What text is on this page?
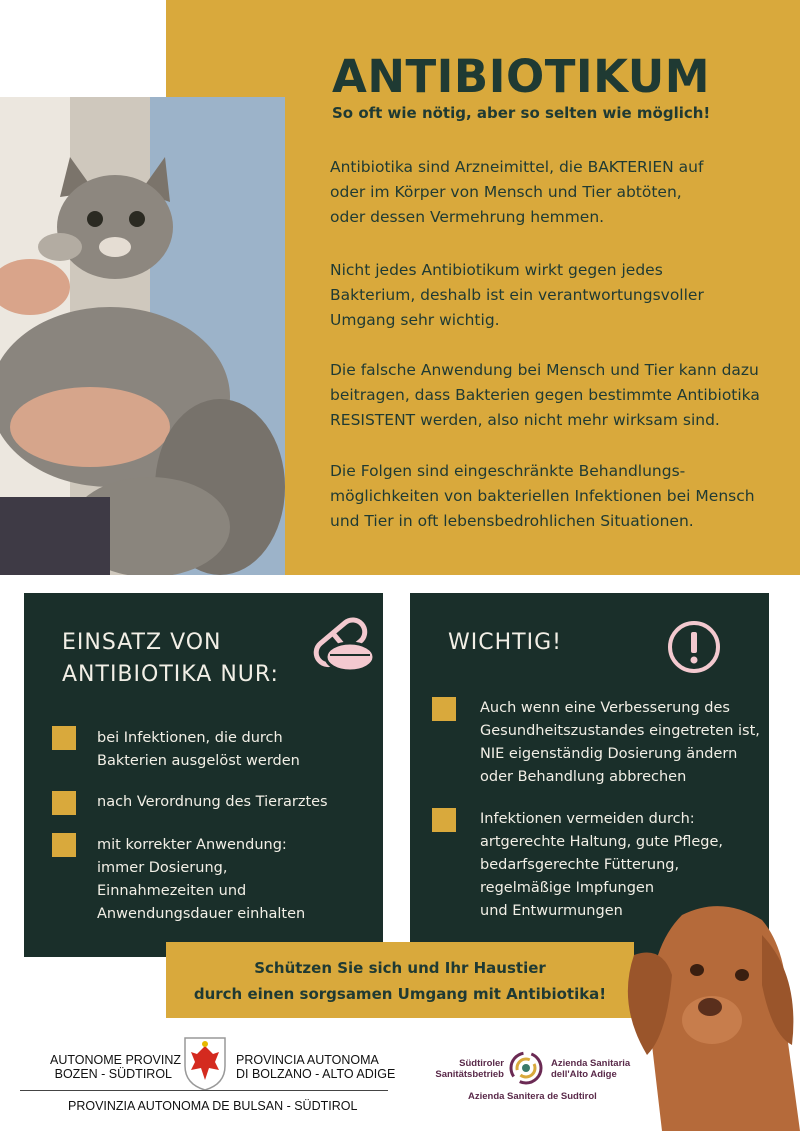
ANTIBIOTIKUM
So oft wie nötig, aber so selten wie möglich!
Antibiotika sind Arzneimittel, die BAKTERIEN auf
oder im Körper von Mensch und Tier abtöten,
oder dessen Vermehrung hemmen.
Nicht jedes Antibiotikum wirkt gegen jedes
Bakterium, deshalb ist ein verantwortungsvoller
Umgang sehr wichtig.
Die falsche Anwendung bei Mensch und Tier kann dazu
beitragen, dass Bakterien gegen bestimmte Antibiotika
RESISTENT werden, also nicht mehr wirksam sind.
Die Folgen sind eingeschränkte Behandlungs-
möglichkeiten von bakteriellen Infektionen bei Mensch
und Tier in oft lebensbedrohlichen Situationen.
EINSATZ VON
ANTIBIOTIKA NUR:
bei Infektionen, die durch
Bakterien ausgelöst werden
nach Verordnung des Tierarztes
mit korrekter Anwendung:
immer Dosierung,
Einnahmezeiten und
Anwendungsdauer einhalten
WICHTIG!
Auch wenn eine Verbesserung des
Gesundheitszustandes eingetreten ist,
NIE eigenständig Dosierung ändern
oder Behandlung abbrechen
Infektionen vermeiden durch:
artgerechte Haltung, gute Pflege,
bedarfsgerechte Fütterung,
regelmäßige Impfungen
und Entwurmungen
Schützen Sie sich und Ihr Haustier
durch einen sorgsamen Umgang mit Antibiotika!
AUTONOME PROVINZ
BOZEN - SÜDTIROL
PROVINCIA AUTONOMA
DI BOLZANO - ALTO ADIGE
PROVINZIA AUTONOMA DE BULSAN - SÜDTIROL
Südtiroler
Sanitätsbetrieb
Azienda Sanitaria
dell'Alto Adige
Azienda Sanitera de Sudtirol
